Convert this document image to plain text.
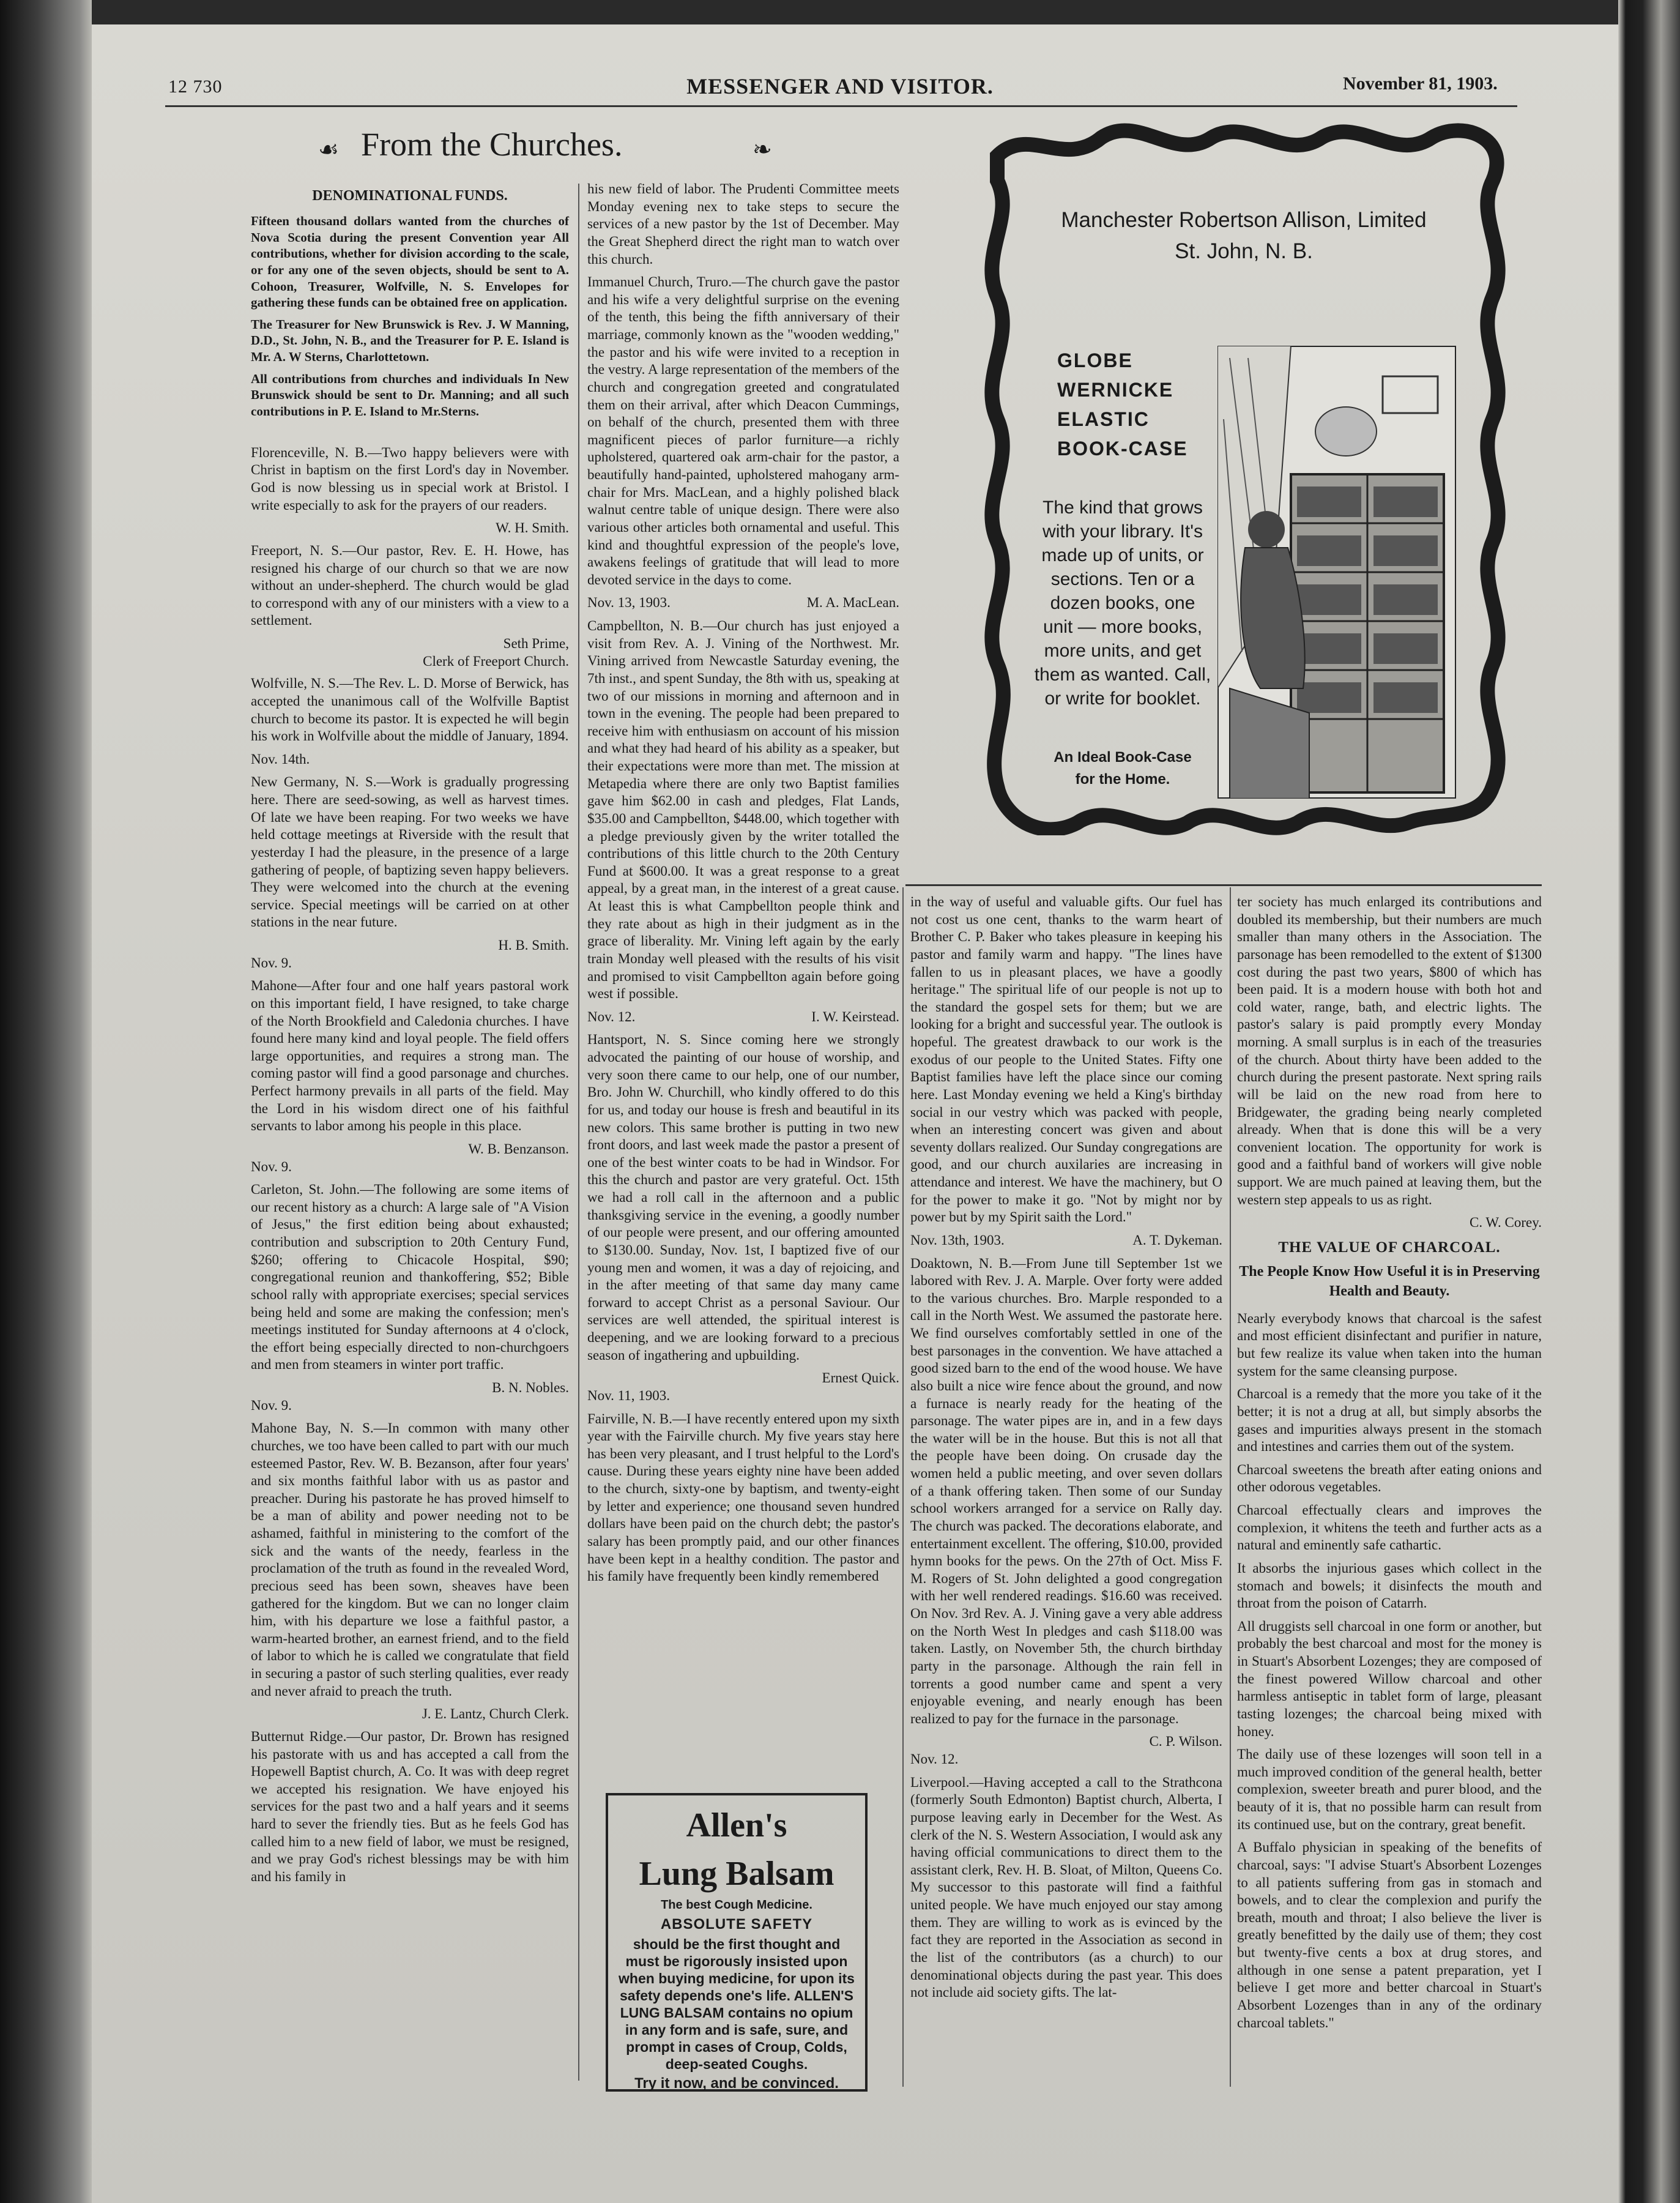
12 730	MESSENGER AND VISITOR.	November 81, 1903.
☙ From the Churches.	❧
DENOMINATIONAL FUNDS.

Fifteen thousand dollars wanted from the churches of Nova Scotia during the present Convention year All contributions, whether for division according to the scale, or for any one of the seven objects, should be sent to A. Cohoon, Treasurer, Wolfville, N. S. Envelopes for gathering these funds can be obtained free on application.

The Treasurer for New Brunswick is Rev. J. W Manning, D.D., St. John, N. B., and the Treasurer for P. E. Island is Mr. A. W Sterns, Charlottetown.

All contributions from churches and individuals In New Brunswick should be sent to Dr. Manning; and all such contributions in P. E. Island to Mr.Sterns.

Florenceville, N. B.—Two happy believers were with Christ in baptism on the first Lord's day in November. God is now blessing us in special work at Bristol. I write especially to ask for the prayers of our readers.

W. H. Smith.

Freeport, N. S.—Our pastor, Rev. E. H. Howe, has resigned his charge of our church so that we are now without an under-shepherd. The church would be glad to correspond with any of our ministers with a view to a settlement.

Seth Prime,

Clerk of Freeport Church.

Wolfville, N. S.—The Rev. L. D. Morse of Berwick, has accepted the unanimous call of the Wolfville Baptist church to become its pastor. It is expected he will begin his work in Wolfville about the middle of January, 1894.

Nov. 14th.

New Germany, N. S.—Work is gradually progressing here. There are seed-sowing, as well as harvest times. Of late we have been reaping. For two weeks we have held cottage meetings at Riverside with the result that yesterday I had the pleasure, in the presence of a large gathering of people, of baptizing seven happy believers. They were welcomed into the church at the evening service. Special meetings will be carried on at other stations in the near future.

H. B. Smith.

Nov. 9.

Mahone—After four and one half years pastoral work on this important field, I have resigned, to take charge of the North Brookfield and Caledonia churches. I have found here many kind and loyal people. The field offers large opportunities, and requires a strong man. The coming pastor will find a good parsonage and churches. Perfect harmony prevails in all parts of the field. May the Lord in his wisdom direct one of his faithful servants to labor among his people in this place.

W. B. Benzanson.

Nov. 9.

Carleton, St. John.—The following are some items of our recent history as a church: A large sale of "A Vision of Jesus," the first edition being about exhausted; contribution and subscription to 20th Century Fund, $260; offering to Chicacole Hospital, $90; congregational reunion and thankoffering, $52; Bible school rally with appropriate exercises; special services being held and some are making the confession; men's meetings instituted for Sunday afternoons at 4 o'clock, the effort being especially directed to non-churchgoers and men from steamers in winter port traffic.

B. N. Nobles.

Nov. 9.

Mahone Bay, N. S.—In common with many other churches, we too have been called to part with our much esteemed Pastor, Rev. W. B. Bezanson, after four years' and six months faithful labor with us as pastor and preacher. During his pastorate he has proved himself to be a man of ability and power needing not to be ashamed, faithful in ministering to the comfort of the sick and the wants of the needy, fearless in the proclamation of the truth as found in the revealed Word, precious seed has been sown, sheaves have been gathered for the kingdom. But we can no longer claim him, with his departure we lose a faithful pastor, a warm-hearted brother, an earnest friend, and to the field of labor to which he is called we congratulate that field in securing a pastor of such sterling qualities, ever ready and never afraid to preach the truth.

J. E. Lantz, Church Clerk.

Butternut Ridge.—Our pastor, Dr. Brown has resigned his pastorate with us and has accepted a call from the Hopewell Baptist church, A. Co. It was with deep regret we accepted his resignation. We have enjoyed his services for the past two and a half years and it seems hard to sever the friendly ties. But as he feels God has called him to a new field of labor, we must be resigned, and we pray God's richest blessings may be with him and his family in

his new field of labor. The Prudenti Committee meets Monday evening nex to take steps to secure the services of a new pastor by the 1st of December. May the Great Shepherd direct the right man to watch over this church.

Immanuel Church, Truro.—The church gave the pastor and his wife a very delightful surprise on the evening of the tenth, this being the fifth anniversary of their marriage, commonly known as the "wooden wedding," the pastor and his wife were invited to a reception in the vestry. A large representation of the members of the church and congregation greeted and congratulated them on their arrival, after which Deacon Cummings, on behalf of the church, presented them with three magnificent pieces of parlor furniture—a richly upholstered, quartered oak arm-chair for the pastor, a beautifully hand-painted, upholstered mahogany arm-chair for Mrs. MacLean, and a highly polished black walnut centre table of unique design. There were also various other articles both ornamental and useful. This kind and thoughtful expression of the people's love, awakens feelings of gratitude that will lead to more devoted service in the days to come.

Nov. 13, 1903.	M. A. MacLean.

Campbellton, N. B.—Our church has just enjoyed a visit from Rev. A. J. Vining of the Northwest. Mr. Vining arrived from Newcastle Saturday evening, the 7th inst., and spent Sunday, the 8th with us, speaking at two of our missions in morning and afternoon and in town in the evening. The people had been prepared to receive him with enthusiasm on account of his mission and what they had heard of his ability as a speaker, but their expectations were more than met. The mission at Metapedia where there are only two Baptist families gave him $62.00 in cash and pledges, Flat Lands, $35.00 and Campbellton, $448.00, which together with a pledge previously given by the writer totalled the contributions of this little church to the 20th Century Fund at $600.00. It was a great response to a great appeal, by a great man, in the interest of a great cause. At least this is what Campbellton people think and they rate about as high in their judgment as in the grace of liberality. Mr. Vining left again by the early train Monday well pleased with the results of his visit and promised to visit Campbellton again before going west if possible.

Nov. 12.	I. W. Keirstead.

Hantsport, N. S. Since coming here we strongly advocated the painting of our house of worship, and very soon there came to our help, one of our number, Bro. John W. Churchill, who kindly offered to do this for us, and today our house is fresh and beautiful in its new colors. This same brother is putting in two new front doors, and last week made the pastor a present of one of the best winter coats to be had in Windsor. For this the church and pastor are very grateful. Oct. 15th we had a roll call in the afternoon and a public thanksgiving service in the evening, a goodly number of our people were present, and our offering amounted to $130.00. Sunday, Nov. 1st, I baptized five of our young men and women, it was a day of rejoicing, and in the after meeting of that same day many came forward to accept Christ as a personal Saviour. Our services are well attended, the spiritual interest is deepening, and we are looking forward to a precious season of ingathering and upbuilding.

Ernest Quick.

Nov. 11, 1903.

Fairville, N. B.—I have recently entered upon my sixth year with the Fairville church. My five years stay here has been very pleasant, and I trust helpful to the Lord's cause. During these years eighty nine have been added to the church, sixty-one by baptism, and twenty-eight by letter and experience; one thousand seven hundred dollars have been paid on the church debt; the pastor's salary has been promptly paid, and our other finances have been kept in a healthy condition. The pastor and his family have frequently been kindly remembered

Allen's
Lung Balsam
The best Cough Medicine.
ABSOLUTE SAFETY
should be the first thought and must be rigorously insisted upon when buying medicine, for upon its safety depends one's life. ALLEN'S LUNG BALSAM contains no opium in any form and is safe, sure, and prompt in cases of Croup, Colds, deep-seated Coughs.
Try it now, and be convinced.
Manchester Robertson Allison, Limited
St. John, N. B.
GLOBE
WERNICKE
ELASTIC
BOOK-CASE
The kind that grows with your library. It's made up of units, or sections. Ten or a dozen books, one unit — more books, more units, and get them as wanted. Call, or write for booklet.
An Ideal Book-Case
for the Home.

in the way of useful and valuable gifts. Our fuel has not cost us one cent, thanks to the warm heart of Brother C. P. Baker who takes pleasure in keeping his pastor and family warm and happy. "The lines have fallen to us in pleasant places, we have a goodly heritage." The spiritual life of our people is not up to the standard the gospel sets for them; but we are looking for a bright and successful year. The outlook is hopeful. The greatest drawback to our work is the exodus of our people to the United States. Fifty one Baptist families have left the place since our coming here. Last Monday evening we held a King's birthday social in our vestry which was packed with people, when an interesting concert was given and about seventy dollars realized. Our Sunday congregations are good, and our church auxilaries are increasing in attendance and interest. We have the machinery, but O for the power to make it go. "Not by might nor by power but by my Spirit saith the Lord."

Nov. 13th, 1903.	A. T. Dykeman.

Doaktown, N. B.—From June till September 1st we labored with Rev. J. A. Marple. Over forty were added to the various churches. Bro. Marple responded to a call in the North West. We assumed the pastorate here. We find ourselves comfortably settled in one of the best parsonages in the convention. We have attached a good sized barn to the end of the wood house. We have also built a nice wire fence about the ground, and now a furnace is nearly ready for the heating of the parsonage. The water pipes are in, and in a few days the water will be in the house. But this is not all that the people have been doing. On crusade day the women held a public meeting, and over seven dollars of a thank offering taken. Then some of our Sunday school workers arranged for a service on Rally day. The church was packed. The decorations elaborate, and entertainment excellent. The offering, $10.00, provided hymn books for the pews. On the 27th of Oct. Miss F. M. Rogers of St. John delighted a good congregation with her well rendered readings. $16.60 was received. On Nov. 3rd Rev. A. J. Vining gave a very able address on the North West In pledges and cash $118.00 was taken. Lastly, on November 5th, the church birthday party in the parsonage. Although the rain fell in torrents a good number came and spent a very enjoyable evening, and nearly enough has been realized to pay for the furnace in the parsonage.

C. P. Wilson.

Nov. 12.

Liverpool.—Having accepted a call to the Strathcona (formerly South Edmonton) Baptist church, Alberta, I purpose leaving early in December for the West. As clerk of the N. S. Western Association, I would ask any having official communications to direct them to the assistant clerk, Rev. H. B. Sloat, of Milton, Queens Co. My successor to this pastorate will find a faithful united people. We have much enjoyed our stay among them. They are willing to work as is evinced by the fact they are reported in the Association as second in the list of the contributors (as a church) to our denominational objects during the past year. This does not include aid society gifts. The lat-

ter society has much enlarged its contributions and doubled its membership, but their numbers are much smaller than many others in the Association. The parsonage has been remodelled to the extent of $1300 cost during the past two years, $800 of which has been paid. It is a modern house with both hot and cold water, range, bath, and electric lights. The pastor's salary is paid promptly every Monday morning. A small surplus is in each of the treasuries of the church. About thirty have been added to the church during the present pastorate. Next spring rails will be laid on the new road from here to Bridgewater, the grading being nearly completed already. When that is done this will be a very convenient location. The opportunity for work is good and a faithful band of workers will give noble support. We are much pained at leaving them, but the western step appeals to us as right.

C. W. Corey.

THE VALUE OF CHARCOAL.
The People Know How Useful it is in Preserving Health and Beauty.

Nearly everybody knows that charcoal is the safest and most efficient disinfectant and purifier in nature, but few realize its value when taken into the human system for the same cleansing purpose.

Charcoal is a remedy that the more you take of it the better; it is not a drug at all, but simply absorbs the gases and impurities always present in the stomach and intestines and carries them out of the system.

Charcoal sweetens the breath after eating onions and other odorous vegetables.

Charcoal effectually clears and improves the complexion, it whitens the teeth and further acts as a natural and eminently safe cathartic.

It absorbs the injurious gases which collect in the stomach and bowels; it disinfects the mouth and throat from the poison of Catarrh.

All druggists sell charcoal in one form or another, but probably the best charcoal and most for the money is in Stuart's Absorbent Lozenges; they are composed of the finest powered Willow charcoal and other harmless antiseptic in tablet form of large, pleasant tasting lozenges; the charcoal being mixed with honey.

The daily use of these lozenges will soon tell in a much improved condition of the general health, better complexion, sweeter breath and purer blood, and the beauty of it is, that no possible harm can result from its continued use, but on the contrary, great benefit.

A Buffalo physician in speaking of the benefits of charcoal, says: "I advise Stuart's Absorbent Lozenges to all patients suffering from gas in stomach and bowels, and to clear the complexion and purify the breath, mouth and throat; I also believe the liver is greatly benefitted by the daily use of them; they cost but twenty-five cents a box at drug stores, and although in one sense a patent preparation, yet I believe I get more and better charcoal in Stuart's Absorbent Lozenges than in any of the ordinary charcoal tablets."
